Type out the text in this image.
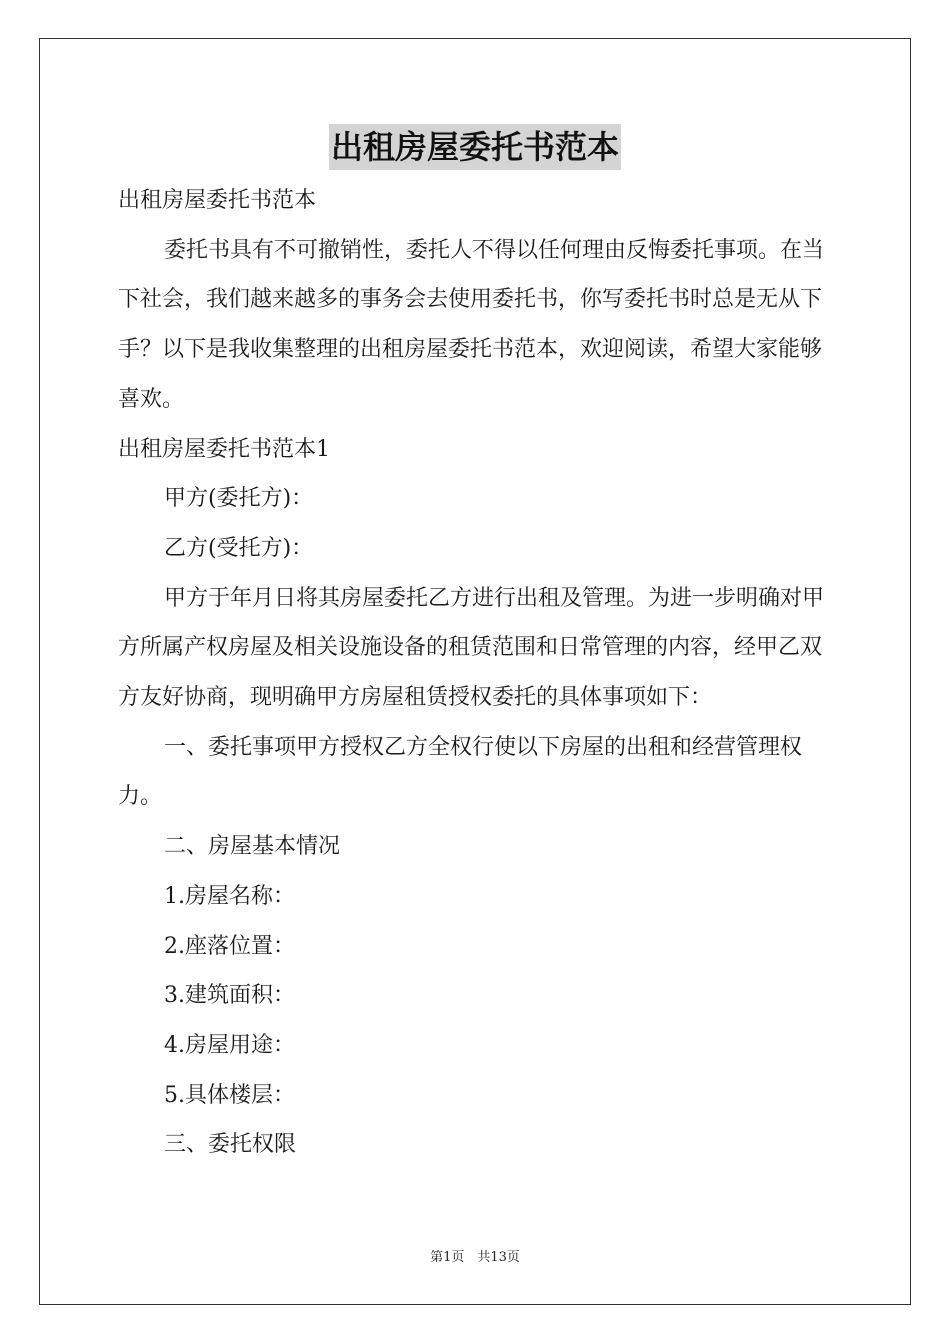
出租房屋委托书范本

出租房屋委托书范本

委托书具有不可撤销性，委托人不得以任何理由反悔委托事项。在当下社会，我们越来越多的事务会去使用委托书，你写委托书时总是无从下手？以下是我收集整理的出租房屋委托书范本，欢迎阅读，希望大家能够喜欢。

出租房屋委托书范本1

甲方(委托方)：

乙方(受托方)：

甲方于年月日将其房屋委托乙方进行出租及管理。为进一步明确对甲方所属产权房屋及相关设施设备的租赁范围和日常管理的内容，经甲乙双方友好协商，现明确甲方房屋租赁授权委托的具体事项如下：

一、委托事项甲方授权乙方全权行使以下房屋的出租和经营管理权力。

二、房屋基本情况

1.房屋名称：

2.座落位置：

3.建筑面积：

4.房屋用途：

5.具体楼层：

三、委托权限

第1页　共13页
